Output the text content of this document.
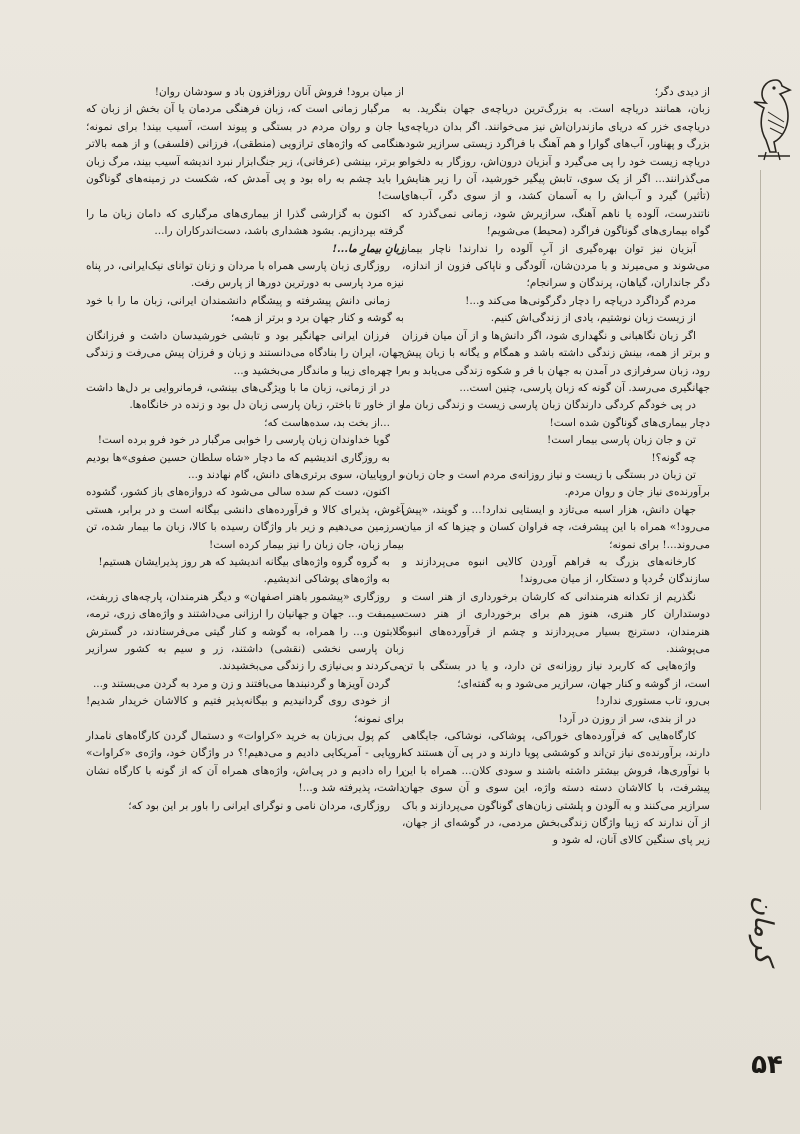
از دیدی دگر؛

زبان، همانند دریاچه است. به بزرگ‌ترین دریاچه‌ی جهان بنگرید. به دریاچه‌ی خزر که دریای مازندران‌اش نیز می‌خوانند. اگر بدان دریاچه‌ی بزرگ و پهناور، آب‌های گوارا و هم آهنگ با فراگرد زیستی سرازیر شود، دریاچه زیست خود را پی می‌گیرد و آبزیان درون‌اش، روزگار به دلخواه می‌گذرانند... اگر از یک سوی، تابش پیگیر خورشید، آن را زیر هنایش (تأثیر) گیرد و آب‌اش را به آسمان کشد، و از سوی دگر، آب‌های ناتندرست، آلوده یا ناهم آهنگ، سرازیرش شود، زمانی نمی‌گذرد که گواه بیماری‌های گوناگون فراگرد (محیط) می‌شویم!

آبزیان نیز توان بهره‌گیری از آبِ آلوده را ندارند! ناچار بیمار می‌شوند و می‌میرند و با مردن‌شان، آلودگی و ناپاکی فزون از اندازه، دگر جانداران، گیاهان، پرندگان و سرانجام؛

مردم گرداگرد دریاچه را دچار دگرگونی‌ها می‌کند و...!

از زیست زبان نوشتیم، یادی از زندگی‌اش کنیم.

اگر زبان نگاهبانی و نگهداری شود، اگر دانش‌ها و از آن میان فرزان و برتر از همه، بینش زندگی داشته باشد و همگام و یگانه با زبان پیش رود، زبان سرفرازی در آمدن به جهان با فر و شکوه زندگی می‌یابد و به جهانگیری می‌رسد. آن گونه که زبان پارسی، چنین است...

در پی خودگم کردگی دارندگان زبان پارسی زیست و زندگی زبان ما دچار بیماری‌های گوناگون شده است!

تن و جان زبان پارسی بیمار است!

چه گونه؟!

تن زبان در بستگی با زیست و نیاز روزانه‌ی مردم است و جان زبان، برآورنده‌ی نیاز جان و روان مردم.

جهان دانش، هزار اسبه می‌تازد و ایستایی ندارد!... و گویند، «پیش می‌رود!» همراه با این پیشرفت، چه فراوان کسان و چیزها که از میان می‌روند...! برای نمونه؛

کارخانه‌های بزرگ به فراهم آوردن کالایی انبوه می‌پردازند و سازندگان خُردپا و دستکار، از میان می‌روند!

نگذریم از تکدانه هنرمندانی که کارشان برخورداری از هنر است و دوستداران کار هنری، هنوز هم برای برخورداری از هنر دست هنرمندان، دسترنج بسیار می‌پردازند و چشم از فرآورده‌های انبوه می‌پوشند.

واژه‌هایی که کاربرد نیاز روزانه‌ی تن دارد، و یا در بستگی با تن است، از گوشه و کنار جهان، سرازیر می‌شود و به گفته‌ای؛

بی‌رو، تاب مستوری ندارد!

در از بندی، سر از روزن در آرد!

کارگاه‌هایی که فرآورده‌های خوراکی، پوشاکی، نوشاکی، جایگاهی دارند، برآورنده‌ی نیاز تن‌اند و کوششی پویا دارند و در پی آن هستند که با نوآوری‌ها، فروش بیشتر داشته باشند و سودی کلان... همراه با این پیشرفت، با کالاشان دسته دسته واژه، این سوی و آن سوی جهان سرازیر می‌کنند و به آلودن و پلشتی زبان‌های گوناگون می‌پردازند و باک از آن ندارند که زیبا واژگان زندگی‌بخش مردمی، در گوشه‌ای از جهان، زیر پای سنگین کالای آنان، له شود و

از میان برود! فروش آنان روزافزون باد و سودشان روان!

مرگبار زمانی است که، زبان فرهنگی مردمان یا آن بخش از زبان که با جان و روان مردم در بستگی و پیوند است، آسیب بیند! برای نمونه؛ هنگامی که واژه‌های ترازویی (منطقی)، فرزانی (فلسفی) و از همه بالاتر و برتر، بینشی (عرفانی)، زیر جنگ‌ابزار نبرد اندیشه آسیب بیند، مرگ زبان را باید چشم به راه بود و پی آمدش که، شکست در زمینه‌های گوناگون است!

اکنون به گزارشی گذرا از بیماری‌های مرگباری که دامان زبان ما را گرفته بپردازیم. بشود هشداری باشد، دست‌اندرکاران را...

زبانِ بیمارِ ما...!

روزگاری زبان پارسی همراه با مردان و زنان توانای نیک‌ایرانی، در پناه نیزه مرد پارسی به دورترین دورها از پارس رفت.

زمانی دانش پیشرفته و پیشگام دانشمندان ایرانی، زبان ما را با خود به گوشه و کنار جهان برد و برتر از همه؛

فرزان ایرانی جهانگیر بود و تابشی خورشیدسان داشت و فرزانگان جهان، ایران را بنادگاه می‌دانستند و زبان و فرزان پیش می‌رفت و زندگی را چهره‌ای زیبا و ماندگار می‌بخشید و...

در از زمانی، زبان ما با ویژگی‌های بینشی، فرمانروایی بر دل‌ها داشت و از خاور تا باختر، زبان پارسی زبان دل بود و زنده در خانگاه‌ها.

...از بخت بد، سده‌هاست که؛

گویا خداوندان زبان پارسی را خوابی مرگبار در خود فرو برده است!

به روزگاری اندیشیم که ما دچار «شاه سلطان حسین صفوی»ها بودیم و اروپاییان، سوی برتری‌های دانش، گام نهادند و...

اکنون، دست کم سده سالی می‌شود که دروازه‌های باز کشور، گشوده آغوش، پذیرای کالا و فرآورده‌های دانشی بیگانه است و در برابر، هستی سرزمین می‌دهیم و زیر بار واژگان رسیده با کالا، زبان ما بیمار شده، تن بیمار زبان، جان زبان را نیز بیمار کرده است!

به گروه گروه واژه‌های بیگانه اندیشید که هر روز پذیرایشان هستیم!

به واژه‌های پوشاکی اندیشیم.

روزگاری «پیشمور باهنر اصفهان» و دیگر هنرمندان، پارچه‌های زربفت، سیمبفت و... جهان و جهانیان را ارزانی می‌داشتند و واژه‌های زری، ترمه، گلابتون و... را همراه، به گوشه و کنار گیتی می‌فرستادند، در گسترش زبان پارسی نخشی (نقشی) داشتند، زر و سیم به کشور سرازیر می‌کردند و بی‌نیازی را زندگی می‌بخشیدند.

گردن آویزها و گردنبندها می‌بافتند و زن و مرد به گردن می‌بستند و...

از خودی روی گردانیدیم و بیگانه‌پذیر فتیم و کالاشان خریدار شدیم! برای نمونه؛

کم پول بی‌زبان به خرید «کراوات» و دستمال گردن کارگاه‌های نامدار اروپایی - آمریکایی دادیم و می‌دهیم!؟ در واژگان خود، واژه‌ی «کراوات» را راه دادیم و در پی‌اش، واژه‌های همراه آن که از گونه با کارگاه نشان داشت، پذیرفته شد و...!

روزگاری، مردان نامی و نوگرای ایرانی را باور بر این بود که؛

کرمان
۵۴
